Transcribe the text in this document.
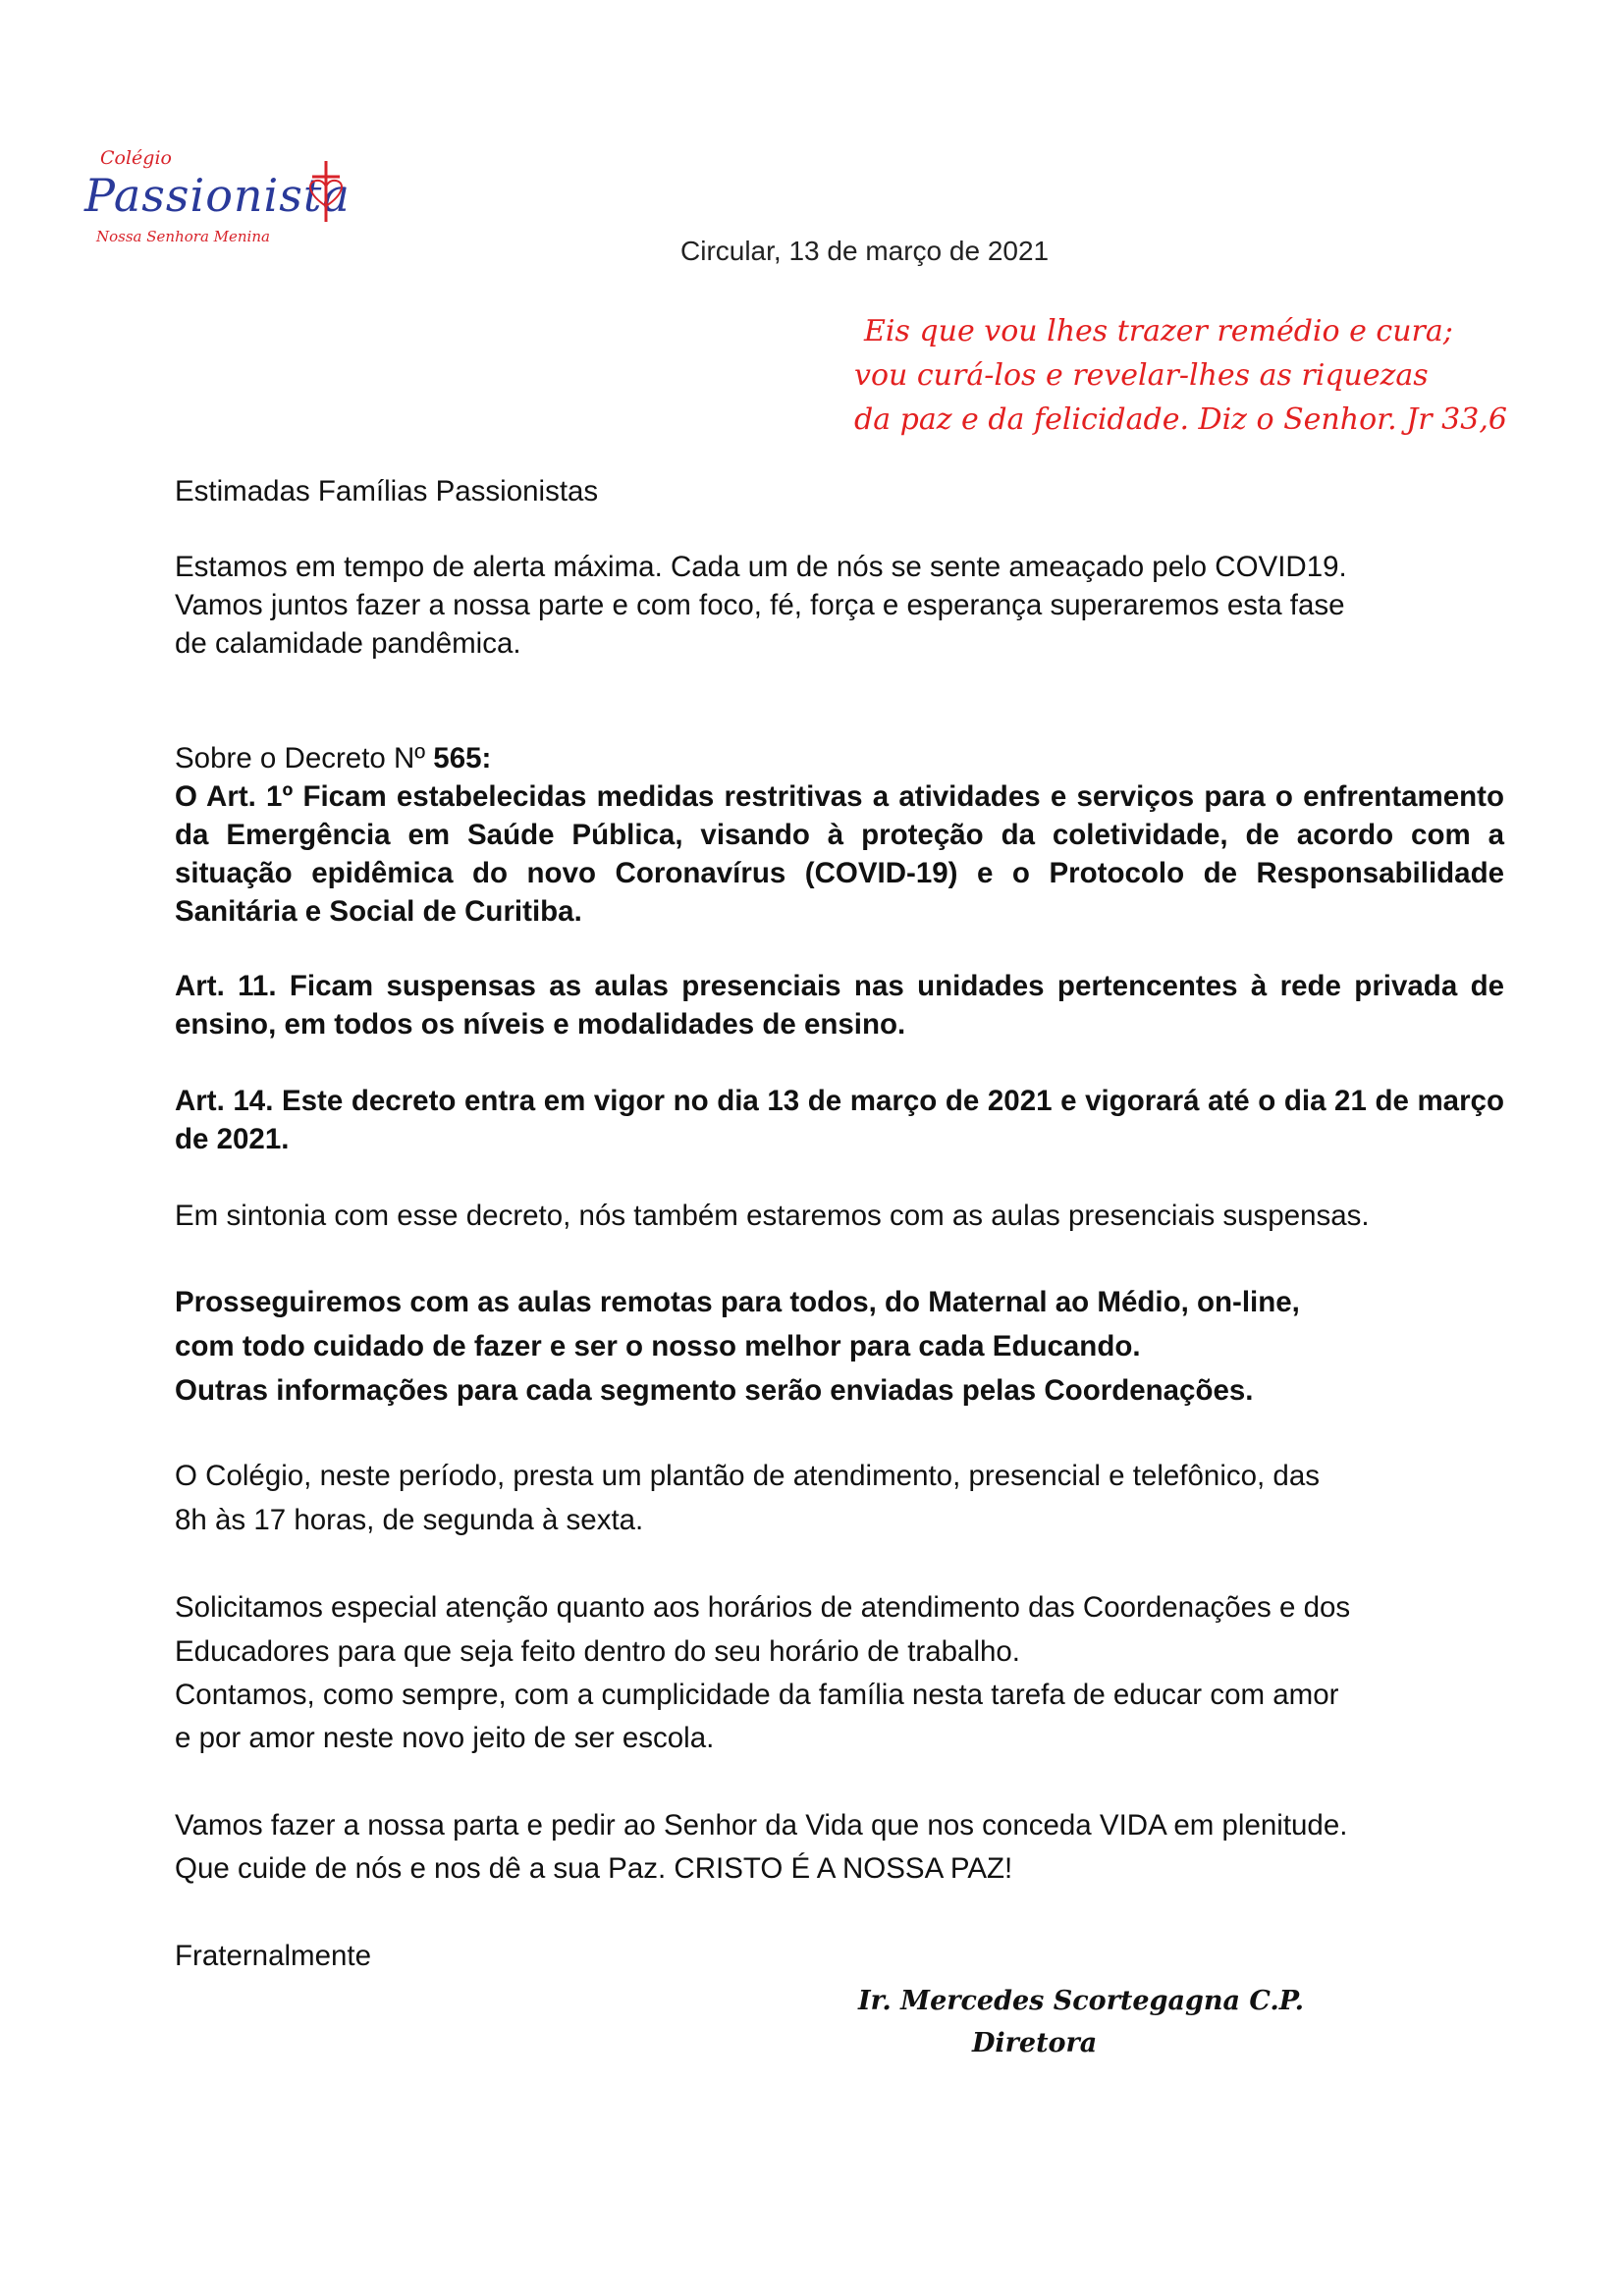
Colégio
Passionista
Nossa Senhora Menina	Circular, 13 de março de 2021
Eis que vou lhes trazer remédio e cura;
vou curá-los e revelar-lhes as riquezas
da paz e da felicidade. Diz o Senhor. Jr 33,6
Estimadas Famílias Passionistas
Estamos em tempo de alerta máxima. Cada um de nós se sente ameaçado pelo COVID19. Vamos juntos fazer a nossa parte e com foco, fé, força e esperança superaremos esta fase de calamidade pandêmica.
Sobre o Decreto Nº 565:
O Art. 1º Ficam estabelecidas medidas restritivas a atividades e serviços para o enfrentamento da Emergência em Saúde Pública, visando à proteção da coletividade, de acordo com a situação epidêmica do novo Coronavírus (COVID-19) e o Protocolo de Responsabilidade Sanitária e Social de Curitiba.
Art. 11. Ficam suspensas as aulas presenciais nas unidades pertencentes à rede privada de ensino, em todos os níveis e modalidades de ensino.
Art. 14. Este decreto entra em vigor no dia 13 de março de 2021 e vigorará até o dia 21 de março de 2021.
Em sintonia com esse decreto, nós também estaremos com as aulas presenciais suspensas.
Prosseguiremos com as aulas remotas para todos, do Maternal ao Médio, on-line,
com todo cuidado de fazer e ser o nosso melhor para cada Educando.
Outras informações para cada segmento serão enviadas pelas Coordenações.
O Colégio, neste período, presta um plantão de atendimento, presencial e telefônico, das
8h às 17 horas, de segunda à sexta.
Solicitamos especial atenção quanto aos horários de atendimento das Coordenações e dos
Educadores para que seja feito dentro do seu horário de trabalho.
Contamos, como sempre, com a cumplicidade da família nesta tarefa de educar com amor
e por amor neste novo jeito de ser escola.
Vamos fazer a nossa parta e pedir ao Senhor da Vida que nos conceda VIDA em plenitude.
Que cuide de nós e nos dê a sua Paz. CRISTO É A NOSSA PAZ!
Fraternalmente
Ir. Mercedes Scortegagna C.P.
Diretora
